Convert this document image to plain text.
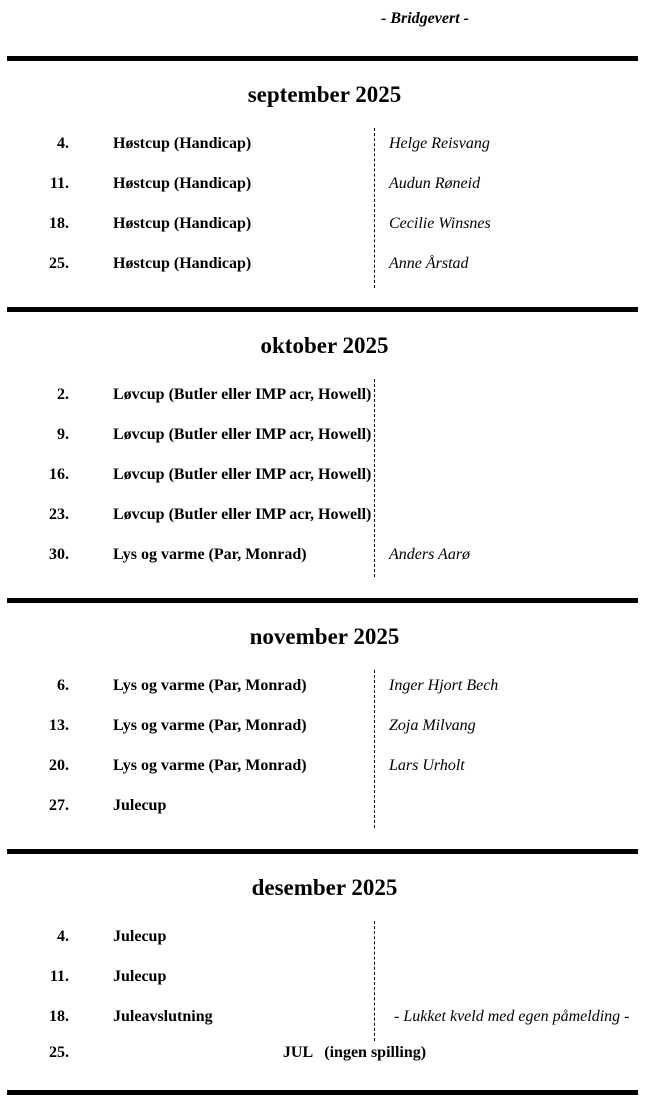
- Bridgevert -
september 2025
4.	Høstcup (Handicap)	Helge Reisvang
11.	Høstcup (Handicap)	Audun Røneid
18.	Høstcup (Handicap)	Cecilie Winsnes
25.	Høstcup (Handicap)	Anne Årstad
oktober 2025
2.	Løvcup (Butler eller IMP acr, Howell)
9.	Løvcup (Butler eller IMP acr, Howell)
16.	Løvcup (Butler eller IMP acr, Howell)
23.	Løvcup (Butler eller IMP acr, Howell)
30.	Lys og varme (Par, Monrad)	Anders Aarø
november 2025
6.	Lys og varme (Par, Monrad)	Inger Hjort Bech
13.	Lys og varme (Par, Monrad)	Zoja Milvang
20.	Lys og varme (Par, Monrad)	Lars Urholt
27.	Julecup
desember 2025
4.	Julecup
11.	Julecup
18.	Juleavslutning	- Lukket kveld med egen påmelding -
25.	JUL   (ingen spilling)
